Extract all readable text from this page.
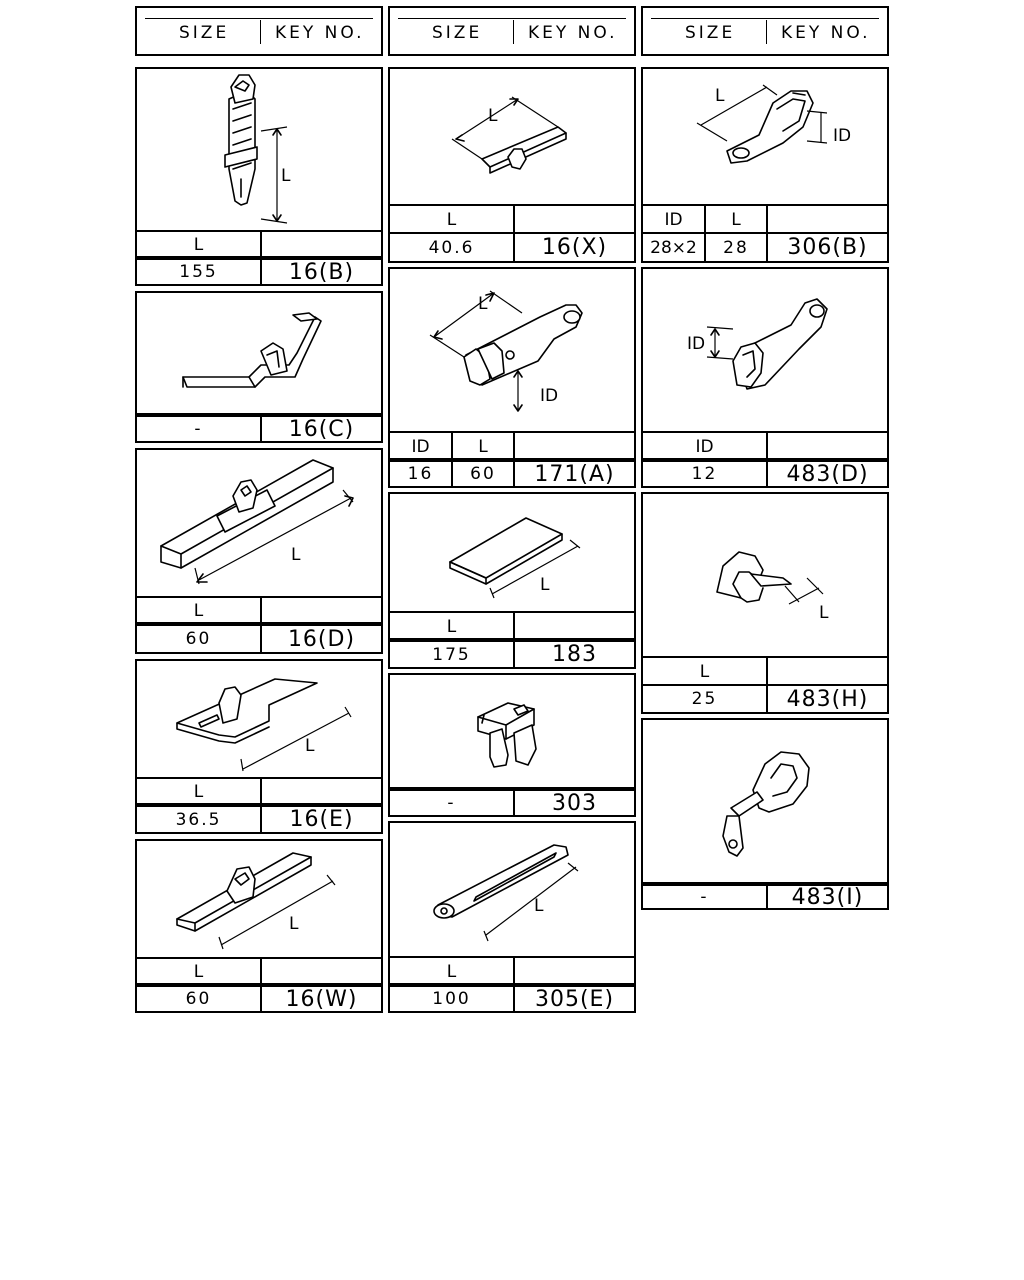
SIZE	KEY NO.	SIZE	KEY NO.	SIZE	KEY NO.
L
L
155	16(B)
-	16(C)
L
L
60	16(D)
L
L
36.5	16(E)
L
L
60	16(W)
L
L
40.6	16(X)
L
ID
ID	L
16	60	171(A)
L
L
175	183
-	303
L
L
100	305(E)
L
ID
ID	L
28×2	28	306(B)
ID
ID
12	483(D)
L
L
25	483(H)
-	483(I)
